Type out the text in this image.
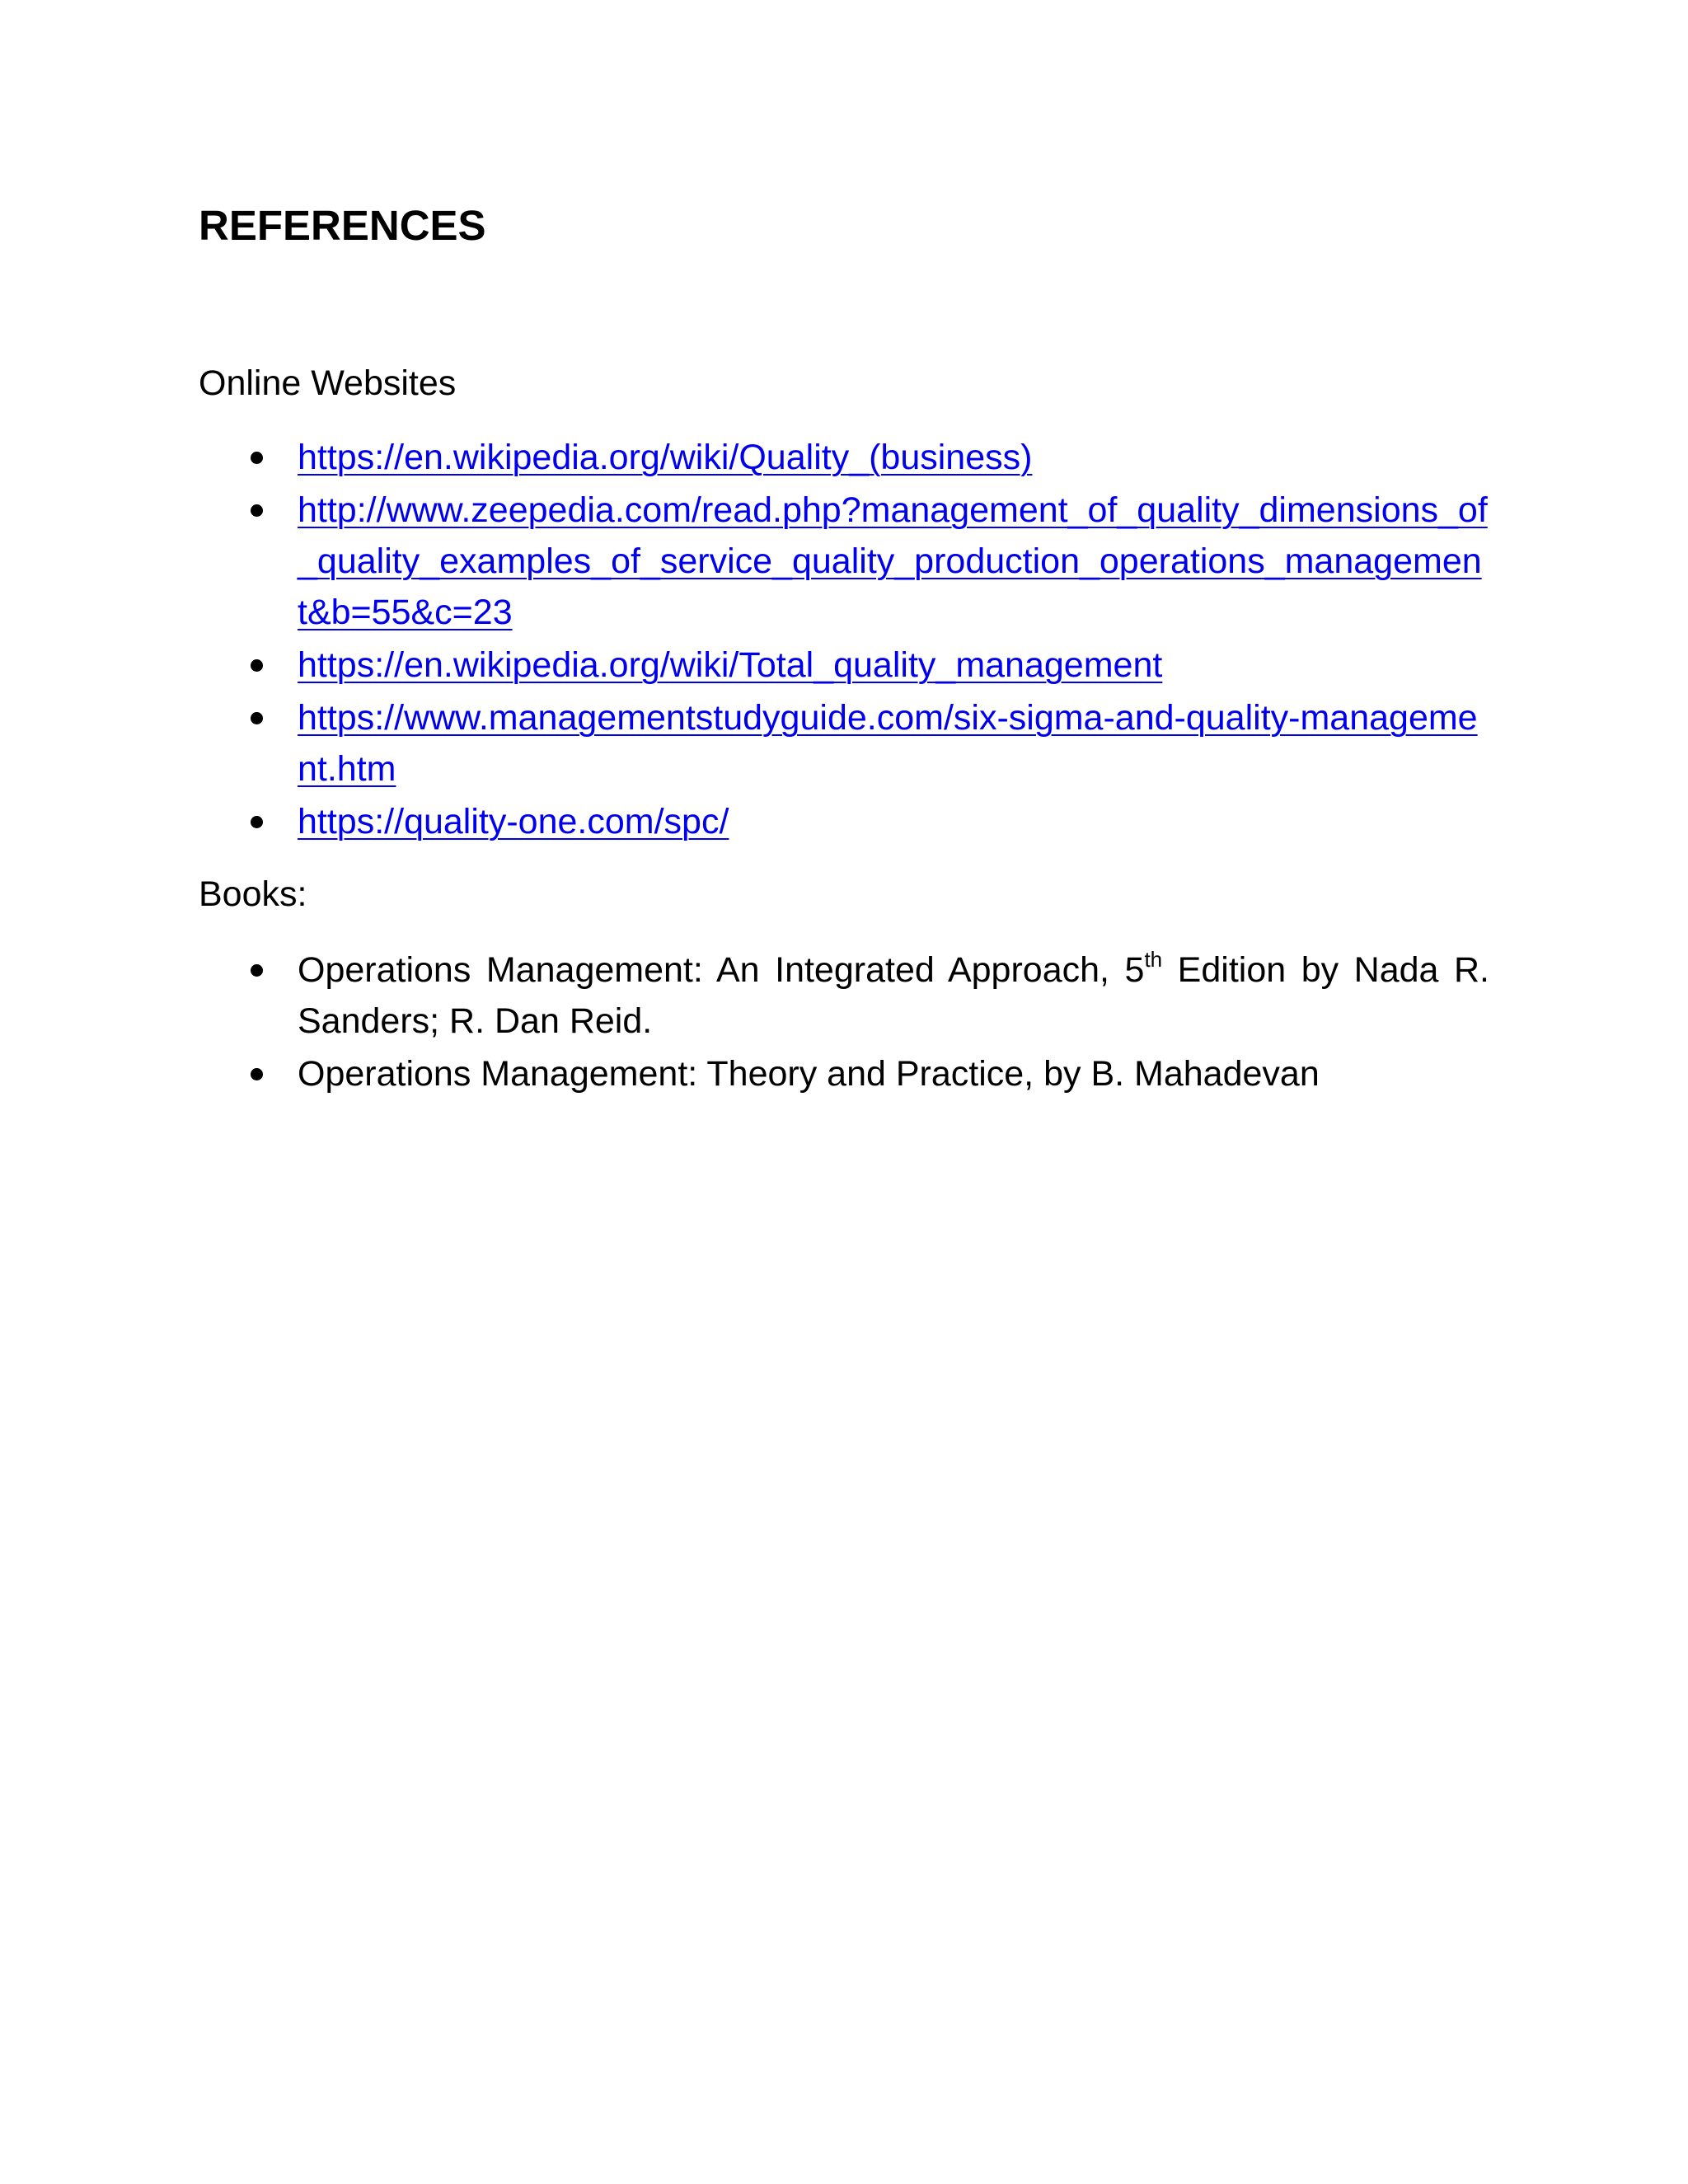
REFERENCES

Online Websites

https://en.wikipedia.org/wiki/Quality_(business)
http://www.zeepedia.com/read.php?management_of_quality_dimensions_of_quality_examples_of_service_quality_production_operations_management&b=55&c=23
https://en.wikipedia.org/wiki/Total_quality_management
https://www.managementstudyguide.com/six-sigma-and-quality-management.htm
https://quality-one.com/spc/

Books:

Operations Management: An Integrated Approach, 5th Edition by Nada R. Sanders; R. Dan Reid.
Operations Management: Theory and Practice, by B. Mahadevan
